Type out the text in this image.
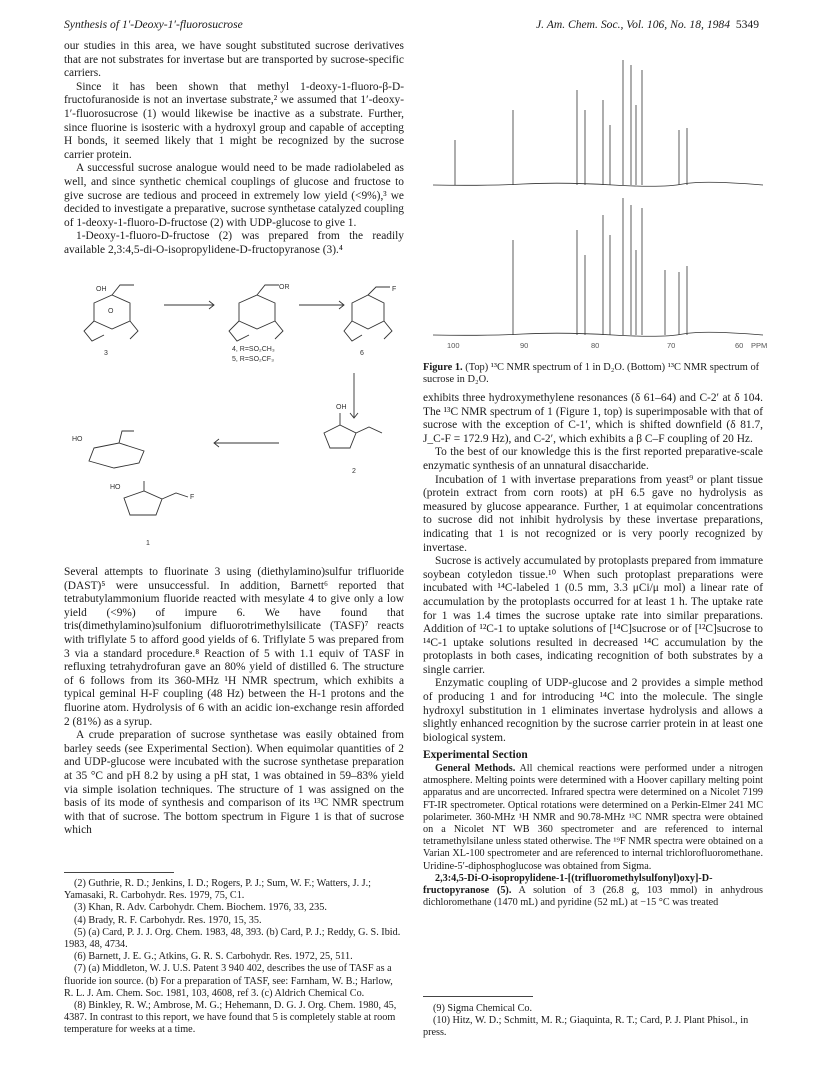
Synthesis of 1′-Deoxy-1′-fluorosucrose	J. Am. Chem. Soc., Vol. 106, No. 18, 1984 5349

our studies in this area, we have sought substituted sucrose derivatives that are not substrates for invertase but are transported by sucrose-specific carriers.

Since it has been shown that methyl 1-deoxy-1-fluoro-β-D-fructofuranoside is not an invertase substrate,² we assumed that 1′-deoxy-1′-fluorosucrose (1) would likewise be inactive as a substrate. Further, since fluorine is isosteric with a hydroxyl group and capable of accepting H bonds, it seemed likely that 1 might be recognized by the sucrose carrier protein.

A successful sucrose analogue would need to be made radiolabeled as well, and since synthetic chemical couplings of glucose and fructose to give sucrose are tedious and proceed in extremely low yield (<9%),³ we decided to investigate a preparative, sucrose synthetase catalyzed coupling of 1-deoxy-1-fluoro-D-fructose (2) with UDP-glucose to give 1.

1-Deoxy-1-fluoro-D-fructose (2) was prepared from the readily available 2,3:4,5-di-O-isopropylidene-D-fructopyranose (3).⁴

OH	OR	F
O
HO
OH
HO
F
3
4, R=SO₂CH₃
5, R=SO₂CF₃
6
2
1

Several attempts to fluorinate 3 using (diethylamino)sulfur trifluoride (DAST)⁵ were unsuccessful. In addition, Barnett⁶ reported that tetrabutylammonium fluoride reacted with mesylate 4 to give only a low yield (<9%) of impure 6. We have found that tris(dimethylamino)sulfonium difluorotrimethylsilicate (TASF)⁷ reacts with triflylate 5 to afford good yields of 6. Triflylate 5 was prepared from 3 via a standard procedure.⁸ Reaction of 5 with 1.1 equiv of TASF in refluxing tetrahydrofuran gave an 80% yield of distilled 6. The structure of 6 follows from its 360-MHz ¹H NMR spectrum, which exhibits a typical geminal H-F coupling (48 Hz) between the H-1 protons and the fluorine atom. Hydrolysis of 6 with an acidic ion-exchange resin afforded 2 (81%) as a syrup.

A crude preparation of sucrose synthetase was easily obtained from barley seeds (see Experimental Section). When equimolar quantities of 2 and UDP-glucose were incubated with the sucrose synthetase preparation at 35 °C and pH 8.2 by using a pH stat, 1 was obtained in 59–83% yield via simple isolation techniques. The structure of 1 was assigned on the basis of its mode of synthesis and comparison of its ¹³C NMR spectrum with that of sucrose. The bottom spectrum in Figure 1 is that of sucrose which

(2) Guthrie, R. D.; Jenkins, I. D.; Rogers, P. J.; Sum, W. F.; Watters, J. J.; Yamasaki, R. Carbohydr. Res. 1979, 75, C1.

(3) Khan, R. Adv. Carbohydr. Chem. Biochem. 1976, 33, 235.

(4) Brady, R. F. Carbohydr. Res. 1970, 15, 35.

(5) (a) Card, P. J. J. Org. Chem. 1983, 48, 393. (b) Card, P. J.; Reddy, G. S. Ibid. 1983, 48, 4734.

(6) Barnett, J. E. G.; Atkins, G. R. S. Carbohydr. Res. 1972, 25, 511.

(7) (a) Middleton, W. J. U.S. Patent 3 940 402, describes the use of TASF as a fluoride ion source. (b) For a preparation of TASF, see: Farnham, W. B.; Harlow, R. L. J. Am. Chem. Soc. 1981, 103, 4608, ref 3. (c) Aldrich Chemical Co.

(8) Binkley, R. W.; Ambrose, M. G.; Hehemann, D. G. J. Org. Chem. 1980, 45, 4387. In contrast to this report, we have found that 5 is completely stable at room temperature for weeks at a time.

100	90	80	70	60 PPM
Figure 1. (Top) ¹³C NMR spectrum of 1 in D₂O. (Bottom) ¹³C NMR spectrum of sucrose in D₂O.

exhibits three hydroxymethylene resonances (δ 61–64) and C-2′ at δ 104. The ¹³C NMR spectrum of 1 (Figure 1, top) is superimposable with that of sucrose with the exception of C-1′, which is shifted downfield (δ 81.7, J_C-F = 172.9 Hz), and C-2′, which exhibits a β C–F coupling of 20 Hz.

To the best of our knowledge this is the first reported preparative-scale enzymatic synthesis of an unnatural disaccharide.

Incubation of 1 with invertase preparations from yeast⁹ or plant tissue (protein extract from corn roots) at pH 6.5 gave no hydrolysis as measured by glucose appearance. Further, 1 at equimolar concentrations to sucrose did not inhibit hydrolysis by these invertase preparations, indicating that 1 is not recognized or is very poorly recognized by invertase.

Sucrose is actively accumulated by protoplasts prepared from immature soybean cotyledon tissue.¹⁰ When such protoplast preparations were incubated with ¹⁴C-labeled 1 (0.5 mm, 3.3 μCi/μ mol) a linear rate of accumulation by the protoplasts occurred for at least 1 h. The uptake rate for 1 was 1.4 times the sucrose uptake rate into similar preparations. Addition of ¹²C-1 to uptake solutions of [¹⁴C]sucrose or of [¹²C]sucrose to ¹⁴C-1 uptake solutions resulted in decreased ¹⁴C accumulation by the protoplasts in both cases, indicating recognition of both substrates by a single carrier.

Enzymatic coupling of UDP-glucose and 2 provides a simple method of producing 1 and for introducing ¹⁴C into the molecule. The single hydroxyl substitution in 1 eliminates invertase hydrolysis and allows a slightly enhanced recognition by the sucrose carrier protein in at least one biological system.

Experimental Section

General Methods. All chemical reactions were performed under a nitrogen atmosphere. Melting points were determined with a Hoover capillary melting point apparatus and are uncorrected. Infrared spectra were determined on a Nicolet 7199 FT-IR spectrometer. Optical rotations were determined on a Perkin-Elmer 241 MC polarimeter. 360-MHz ¹H NMR and 90.78-MHz ¹³C NMR spectra were obtained on a Nicolet NT WB 360 spectrometer and are referenced to internal tetramethylsilane unless stated otherwise. The ¹⁹F NMR spectra were obtained on a Varian XL-100 spectrometer and are referenced to internal trichlorofluoromethane. Uridine-5′-diphosphoglucose was obtained from Sigma.

2,3:4,5-Di-O-isopropylidene-1-[(trifluoromethylsulfonyl)oxy]-D-fructopyranose (5). A solution of 3 (26.8 g, 103 mmol) in anhydrous dichloromethane (1470 mL) and pyridine (52 mL) at −15 °C was treated

(9) Sigma Chemical Co.

(10) Hitz, W. D.; Schmitt, M. R.; Giaquinta, R. T.; Card, P. J. Plant Phisol., in press.
